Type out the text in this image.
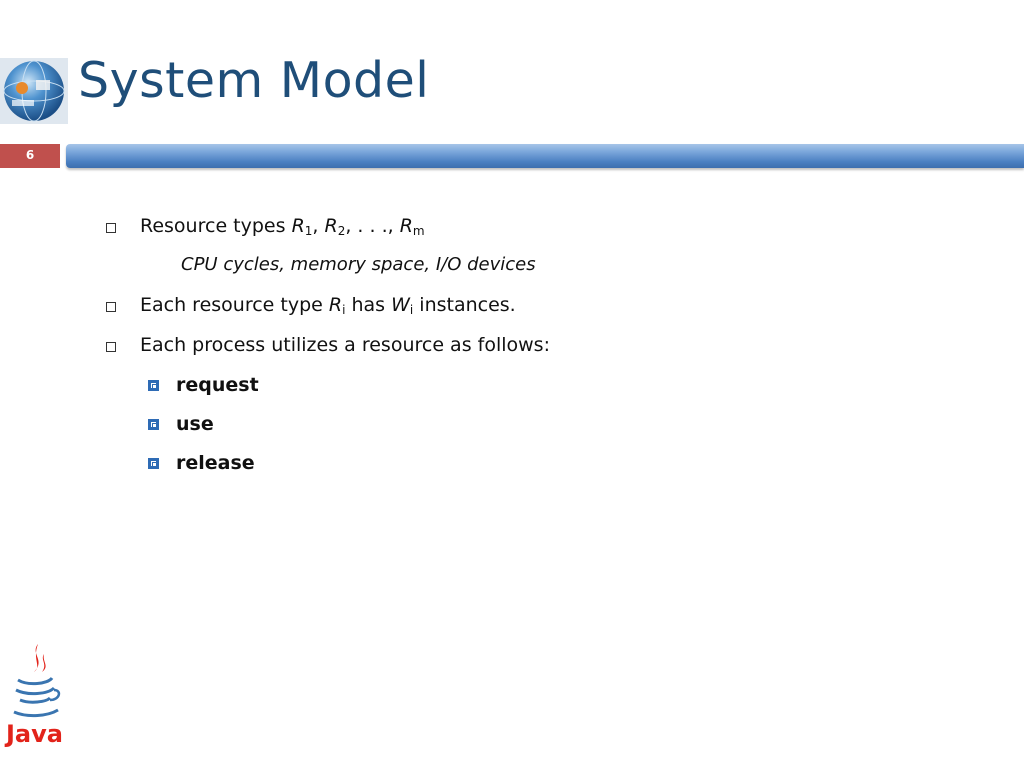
System Model
6
Resource types $R_1$, $R_2$, . . ., $R_m$
CPU cycles, memory space, I/O devices
Each resource type $R_i$ has $W_i$ instances.
Each process utilizes a resource as follows:
request
use
release
Java
